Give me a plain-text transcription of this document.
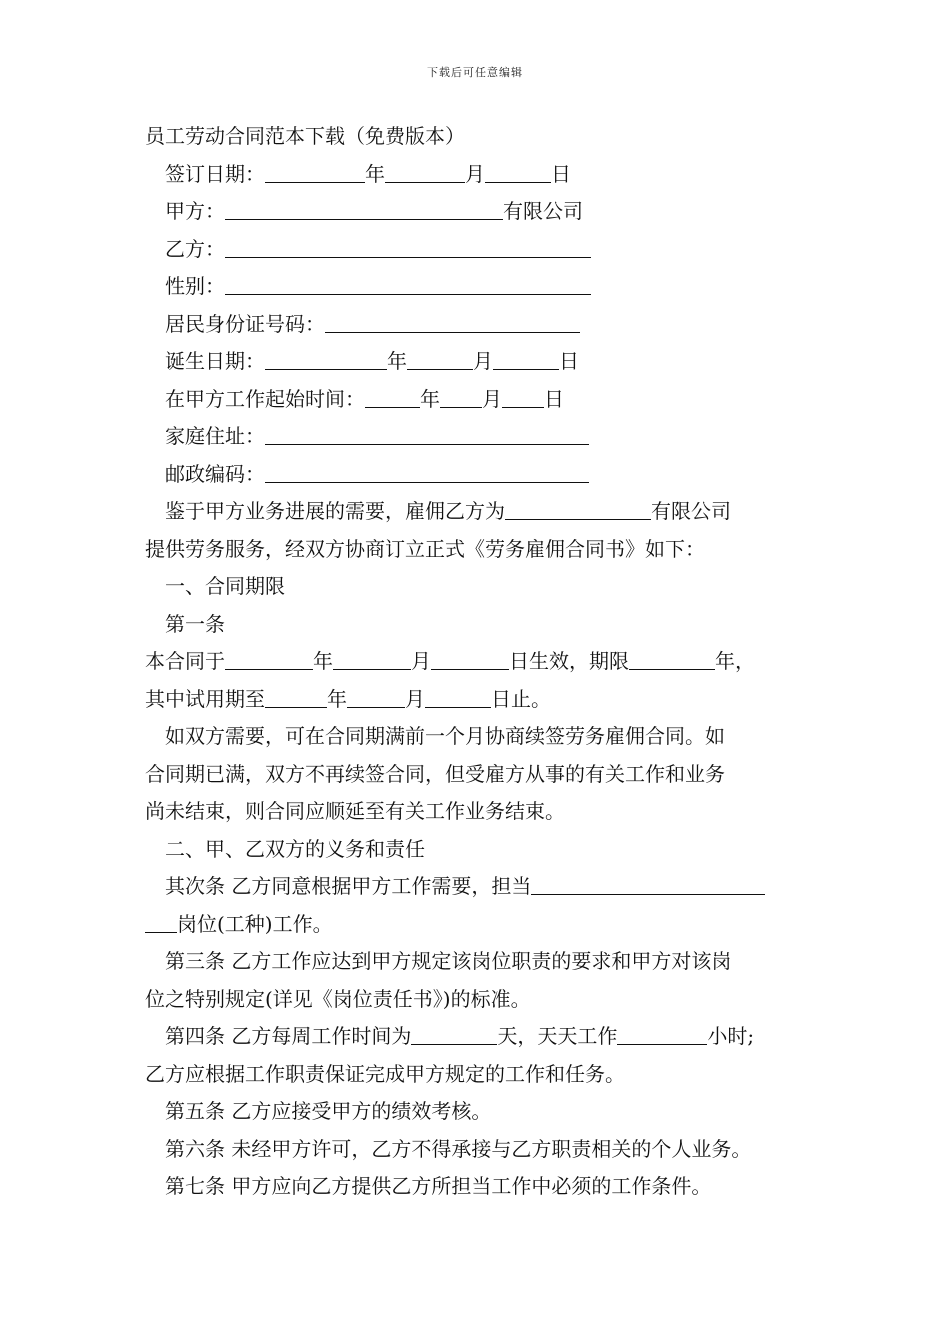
下载后可任意编辑
员工劳动合同范本下载（免费版本）
签订日期：	年	月	日
甲方：	有限公司
乙方：
性别：
居民身份证号码：
诞生日期：	年	月	日
在甲方工作起始时间：	年 月 日
家庭住址：
邮政编码：
鉴于甲方业务进展的需要，雇佣乙方为	有限公司
提供劳务服务，经双方协商订立正式《劳务雇佣合同书》如下：
一、合同期限
第一条
本合同于	年	月	日生效，期限	年，
其中试用期至	年	月	日止。
如双方需要，可在合同期满前一个月协商续签劳务雇佣合同。如
合同期已满，双方不再续签合同，但受雇方从事的有关工作和业务
尚未结束，则合同应顺延至有关工作业务结束。
二、甲、乙双方的义务和责任
其次条 乙方同意根据甲方工作需要，担当
岗位(工种)工作。
第三条 乙方工作应达到甲方规定该岗位职责的要求和甲方对该岗
位之特别规定(详见《岗位责任书》)的标准。
第四条 乙方每周工作时间为	天，天天工作	小时;
乙方应根据工作职责保证完成甲方规定的工作和任务。
第五条 乙方应接受甲方的绩效考核。
第六条 未经甲方许可，乙方不得承接与乙方职责相关的个人业务。
第七条 甲方应向乙方提供乙方所担当工作中必须的工作条件。
